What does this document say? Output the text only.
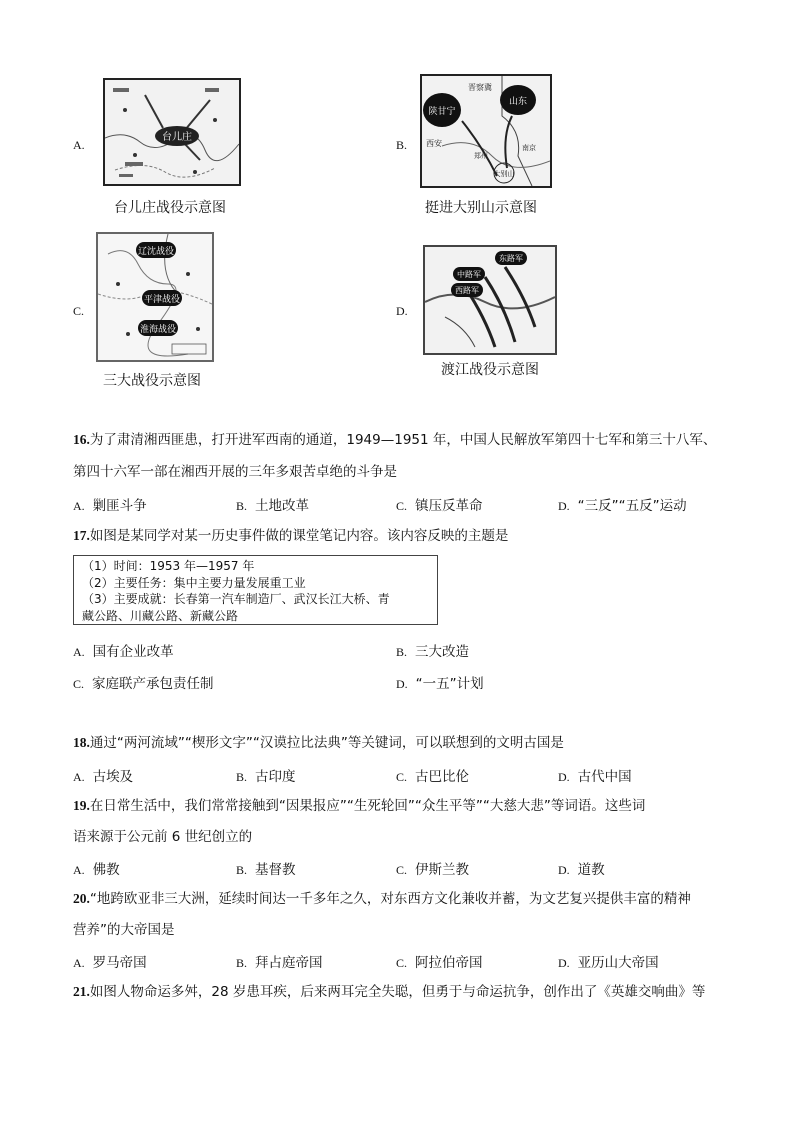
A.
台儿庄
台儿庄战役示意图
B.
陕甘宁
山东
晋察冀
西安
大别山
郑州
南京
挺进大别山示意图
C.
辽沈战役
平津战役
淮海战役
三大战役示意图
D.
东路军
中路军
西路军
渡江战役示意图
16.为了肃清湘西匪患，打开进军西南的通道，1949—1951 年，中国人民解放军第四十七军和第三十八军、
第四十六军一部在湘西开展的三年多艰苦卓绝的斗争是
A. 剿匪斗争	B. 土地改革	C. 镇压反革命	D. “三反”“五反”运动
17.如图是某同学对某一历史事件做的课堂笔记内容。该内容反映的主题是
（1）时间：1953 年—1957 年
（2）主要任务：集中主要力量发展重工业
（3）主要成就：长春第一汽车制造厂、武汉长江大桥、青
藏公路、川藏公路、新藏公路
A. 国有企业改革	B. 三大改造
C. 家庭联产承包责任制	D. “一五”计划
18.通过“两河流域”“楔形文字”“汉谟拉比法典”等关键词，可以联想到的文明古国是
A. 古埃及	B. 古印度	C. 古巴比伦	D. 古代中国
19.在日常生活中，我们常常接触到“因果报应”“生死轮回”“众生平等”“大慈大悲”等词语。这些词
语来源于公元前 6 世纪创立的
A. 佛教	B. 基督教	C. 伊斯兰教	D. 道教
20.“地跨欧亚非三大洲，延续时间达一千多年之久，对东西方文化兼收并蓄，为文艺复兴提供丰富的精神
营养”的大帝国是
A. 罗马帝国	B. 拜占庭帝国	C. 阿拉伯帝国	D. 亚历山大帝国
21.如图人物命运多舛，28 岁患耳疾，后来两耳完全失聪，但勇于与命运抗争，创作出了《英雄交响曲》等
